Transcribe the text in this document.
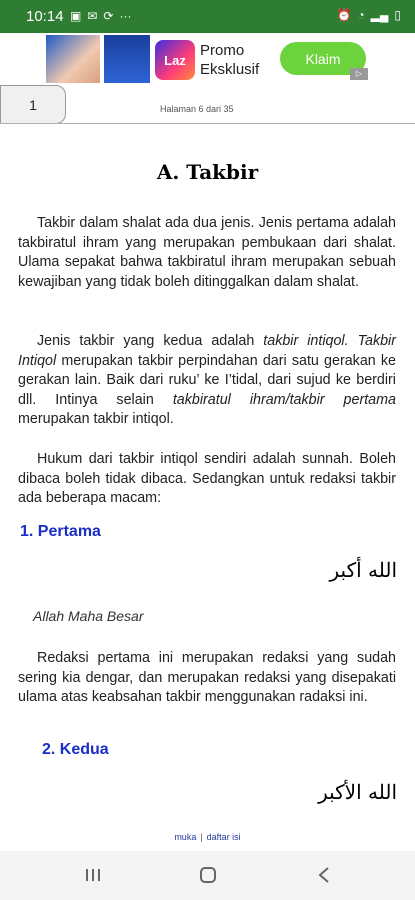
10:14 ▣ ✉ ⟳ ···	⏰ ◔ ▂▄ ▯
Laz
Promo Eksklusif
Klaim
▷
1	Halaman 6 dari 35
A. Takbir
Takbir dalam shalat ada dua jenis. Jenis pertama adalah takbiratul ihram yang merupakan pembukaan dari shalat. Ulama sepakat bahwa takbiratul ihram merupakan sebuah kewajiban yang tidak boleh ditinggalkan dalam shalat.
Jenis takbir yang kedua adalah takbir intiqol. Takbir Intiqol merupakan takbir perpindahan dari satu gerakan ke gerakan lain. Baik dari ruku’ ke I’tidal, dari sujud ke berdiri dll. Intinya selain takbiratul ihram/takbir pertama merupakan takbir intiqol.
Hukum dari takbir intiqol sendiri adalah sunnah. Boleh dibaca boleh tidak dibaca. Sedangkan untuk redaksi takbir ada beberapa macam:
1. Pertama
الله أكبر
Allah Maha Besar
Redaksi pertama ini merupakan redaksi yang sudah sering kia dengar, dan merupakan redaksi yang disepakati ulama atas keabsahan takbir menggunakan radaksi ini.
2. Kedua
الله الأكبر
muka | daftar isi
